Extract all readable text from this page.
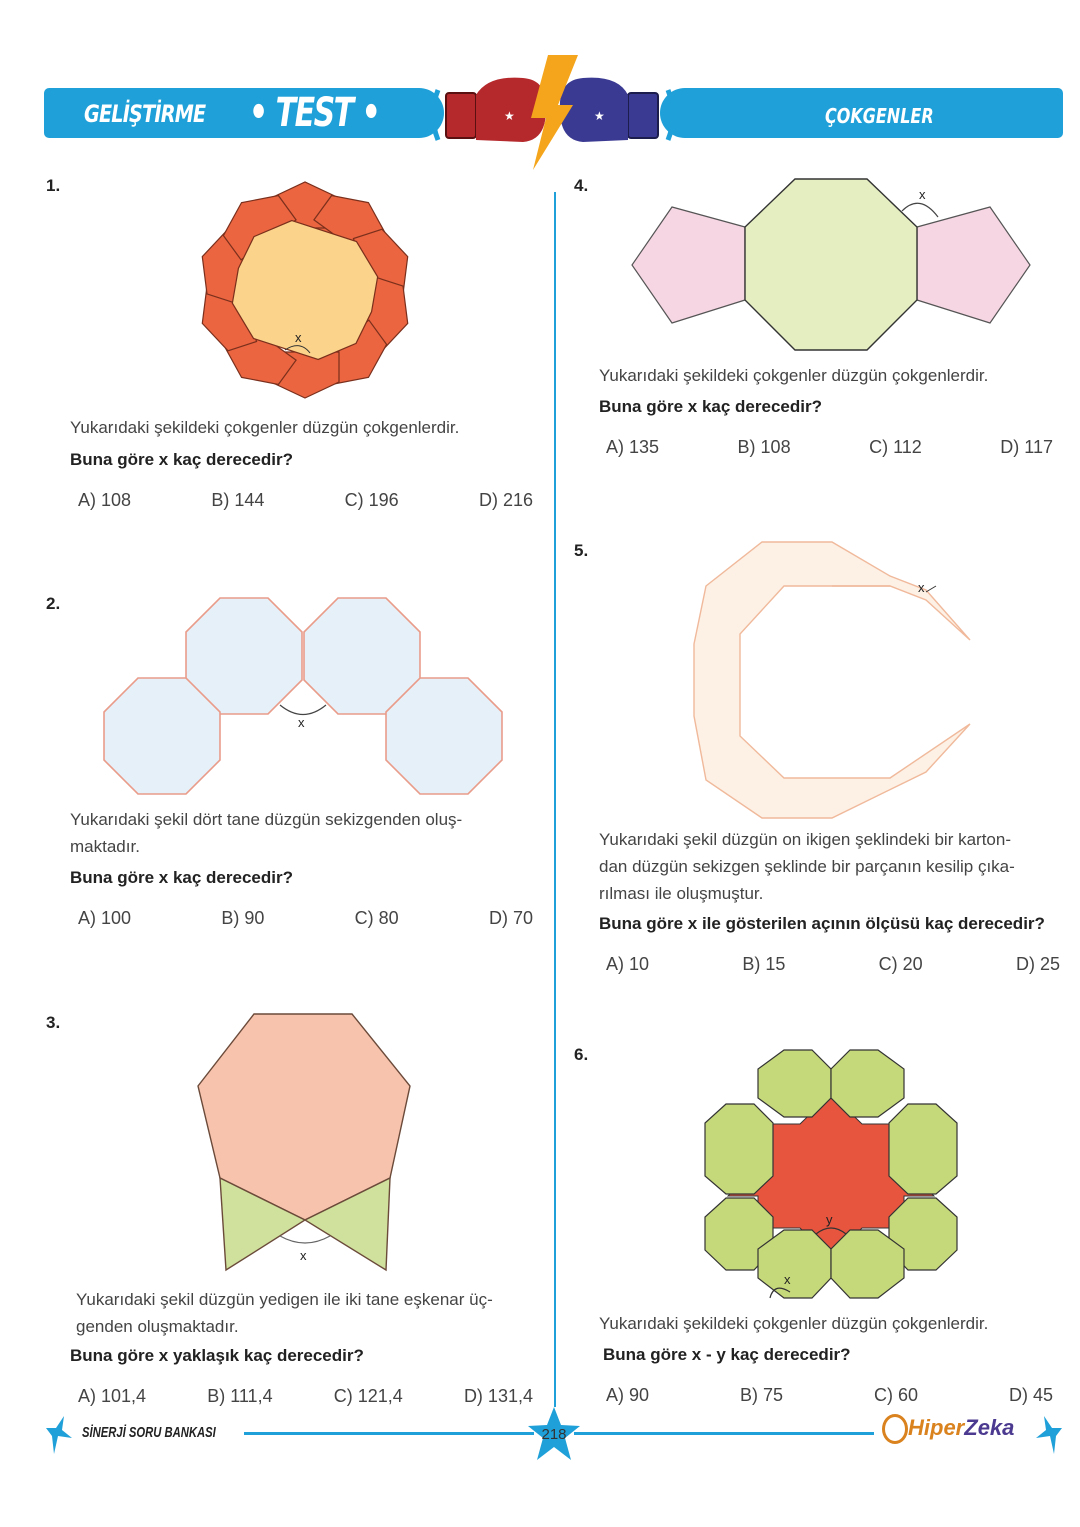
GELİŞTİRME • TEST • 09
ÇOKGENLER
★	★
1.
x
Yukarıdaki şekildeki çokgenler düzgün çokgenlerdir.
Buna göre x kaç derecedir?
A) 108	B) 144	C) 196	D) 216
2.
x
Yukarıdaki şekil dört tane düzgün sekizgenden oluş-
maktadır.
Buna göre x kaç derecedir?
A) 100	B) 90	C) 80	D) 70
3.
x
Yukarıdaki şekil düzgün yedigen ile iki tane eşkenar üç-
genden oluşmaktadır.
Buna göre x yaklaşık kaç derecedir?
A) 101,4	B) 111,4	C) 121,4	D) 131,4
4.	x
Yukarıdaki şekildeki çokgenler düzgün çokgenlerdir.
Buna göre x kaç derecedir?
A) 135	B) 108	C) 112	D) 117
5.
x
Yukarıdaki şekil düzgün on ikigen şeklindeki bir karton-
dan düzgün sekizgen şeklinde bir parçanın kesilip çıka-
rılması ile oluşmuştur.
Buna göre x ile gösterilen açının ölçüsü kaç derecedir?
A) 10	B) 15	C) 20	D) 25
6.
y
x
Yukarıdaki şekildeki çokgenler düzgün çokgenlerdir.
Buna göre x - y kaç derecedir?
A) 90	B) 75	C) 60	D) 45
SİNERJİ SORU BANKASI	218	HiperZeka
